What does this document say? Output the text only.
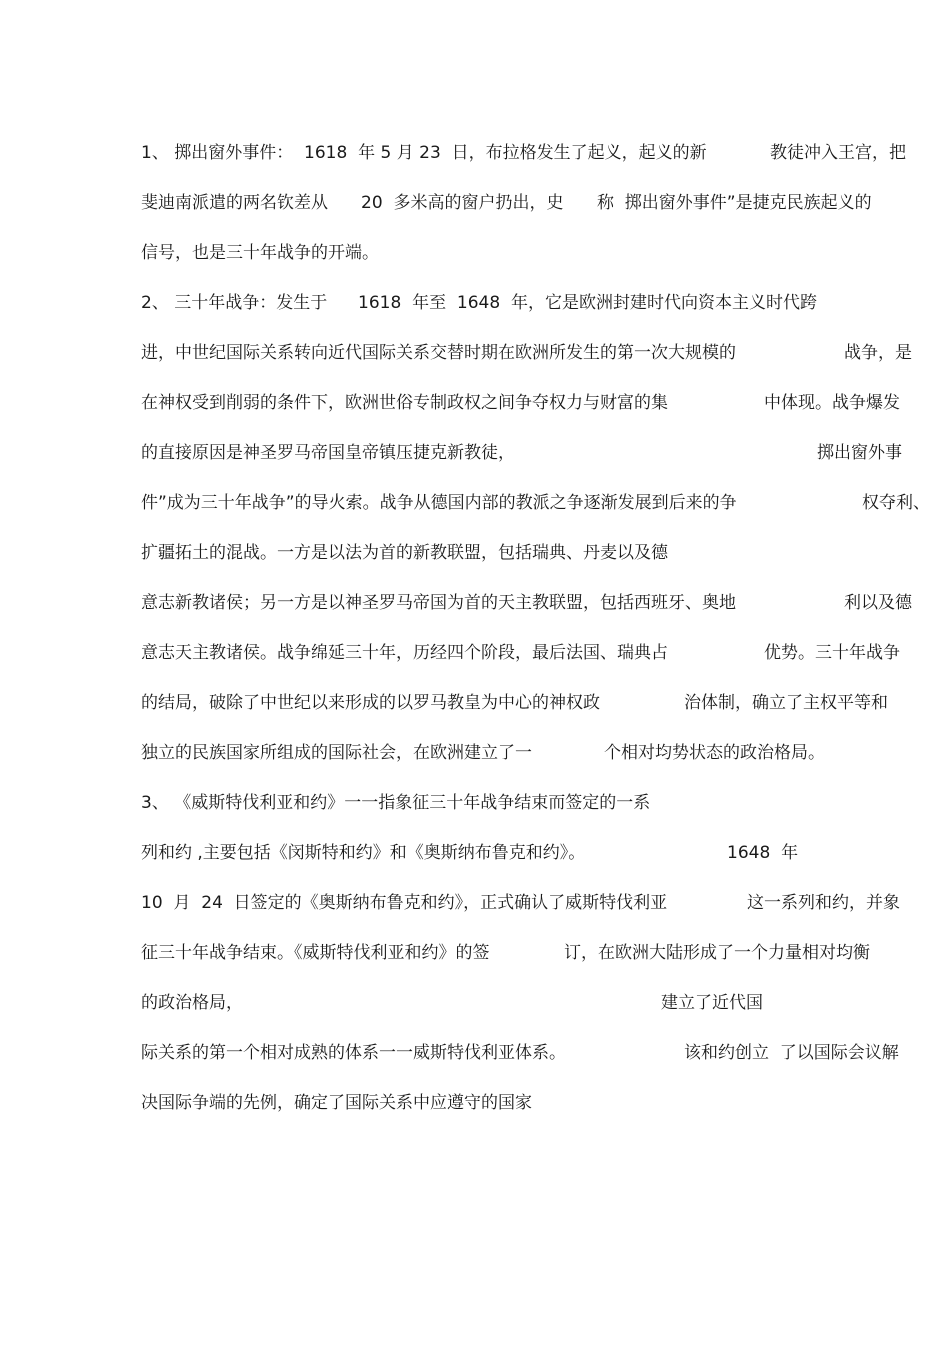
1、 掷出窗外事件：  1618  年 5 月 23  日，布拉格发生了起义，起义的新

	教徒冲入王宫，把

斐迪南派遣的两名钦差从

20  多米高的窗户扔出，史

称  掷出窗外事件”是捷克民族起义的

信号，也是三十年战争的开端。

2、 三十年战争：发生于

1618  年至  1648  年，它是欧洲封建时代向资本主义时代跨

进，中世纪国际关系转向近代国际关系交替时期在欧洲所发生的第一次大规模的

	战争，是

在神权受到削弱的条件下，欧洲世俗专制政权之间争夺权力与财富的集

	中体现。战争爆发

的直接原因是神圣罗马帝国皇帝镇压捷克新教徒，

	掷出窗外事

件”成为三十年战争”的导火索。战争从德国内部的教派之争逐渐发展到后来的争

	权夺利、

扩疆拓土的混战。一方是以法为首的新教联盟，包括瑞典、丹麦以及德

意志新教诸侯；另一方是以神圣罗马帝国为首的天主教联盟，包括西班牙、奥地

	利以及德

意志天主教诸侯。战争绵延三十年，历经四个阶段，最后法国、瑞典占

	优势。三十年战争

的结局，破除了中世纪以来形成的以罗马教皇为中心的神权政

	治体制，确立了主权平等和

独立的民族国家所组成的国际社会，在欧洲建立了一

	个相对均势状态的政治格局。

3、 《威斯特伐利亚和约》一一指象征三十年战争结束而签定的一系

列和约 ,主要包括《闵斯特和约》和《奥斯纳布鲁克和约》。

	1648  年

10  月  24  日签定的《奥斯纳布鲁克和约》，正式确认了威斯特伐利亚

	这一系列和约，并象

征三十年战争结束。《威斯特伐利亚和约》的签

	订，在欧洲大陆形成了一个力量相对均衡

的政治格局，

	建立了近代国

际关系的第一个相对成熟的体系一一威斯特伐利亚体系。

	该和约创立  了以国际会议解

决国际争端的先例，确定了国际关系中应遵守的国家
